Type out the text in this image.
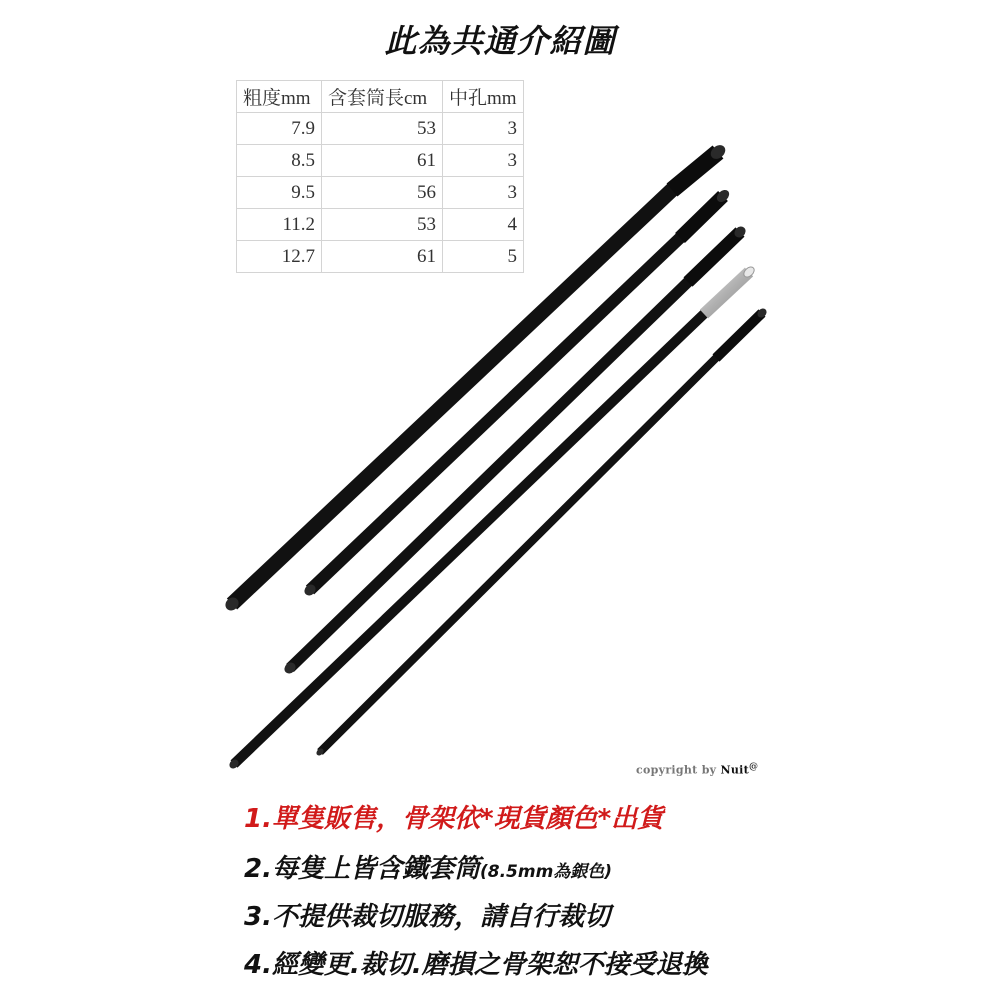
此為共通介紹圖
粗度mm	含套筒長cm	中孔mm
7.9	53	3
8.5	61	3
9.5	56	3
11.2	53	4
12.7	61	5
copyright by Nuit@
1.單隻販售，骨架依*現貨顏色*出貨
2.每隻上皆含鐵套筒(8.5mm為銀色)
3.不提供裁切服務，請自行裁切
4.經變更.裁切.磨損之骨架恕不接受退換
